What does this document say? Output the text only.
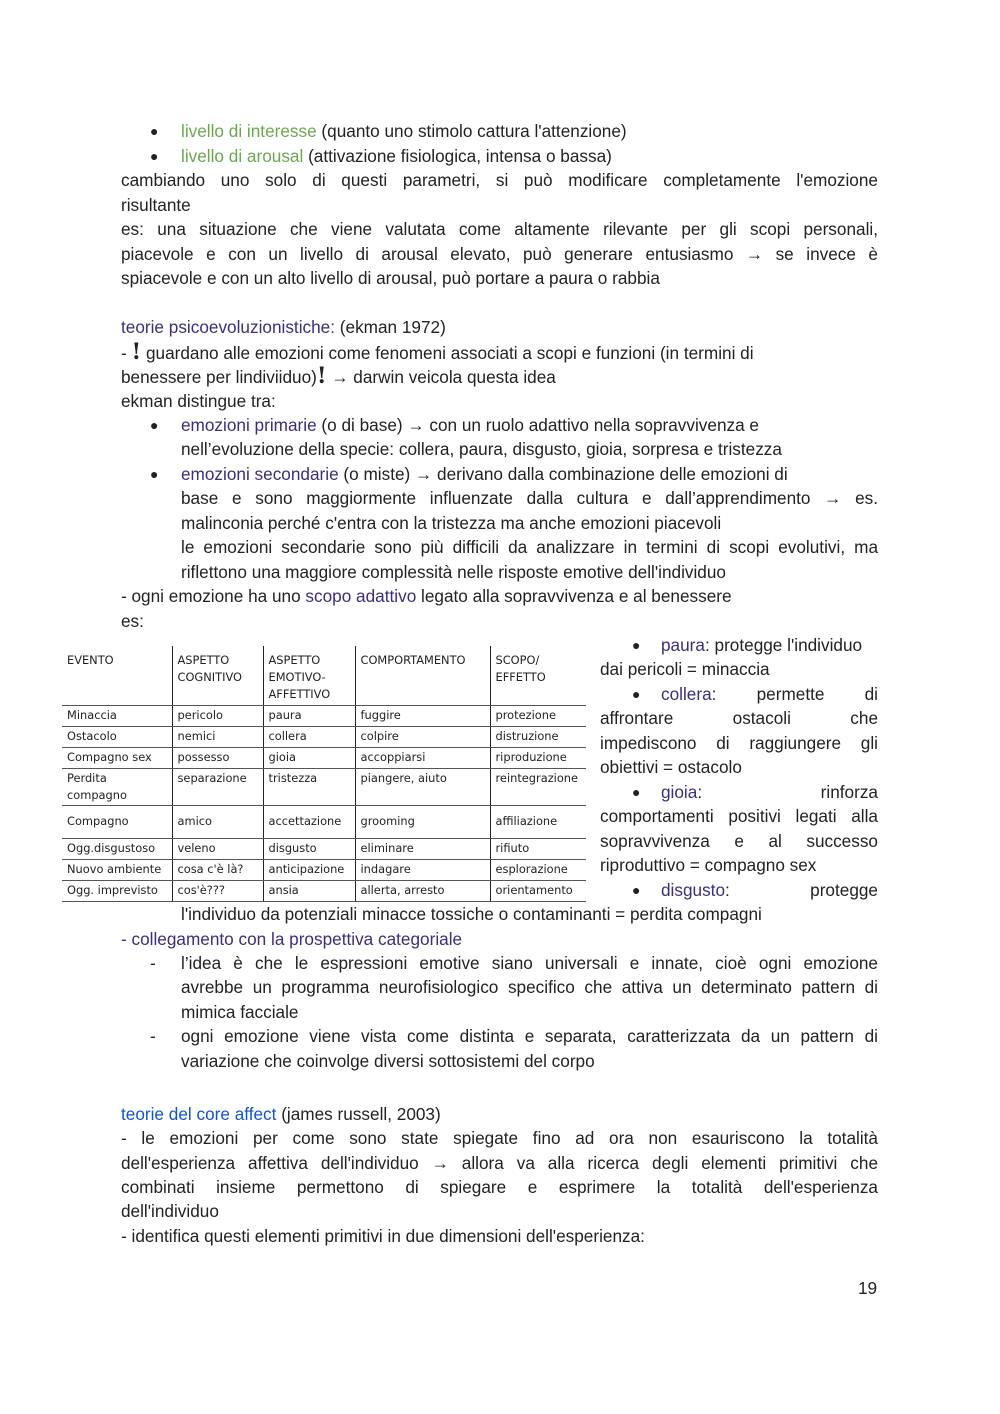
● livello di interesse (quanto uno stimolo cattura l'attenzione)
● livello di arousal (attivazione fisiologica, intensa o bassa)
cambiando uno solo di questi parametri, si può modificare completamente l'emozione
risultante
es: una situazione che viene valutata come altamente rilevante per gli scopi personali,
piacevole e con un livello di arousal elevato, può generare entusiasmo → se invece è
spiacevole e con un alto livello di arousal, può portare a paura o rabbia
teorie psicoevoluzionistiche: (ekman 1972)
- ! guardano alle emozioni come fenomeni associati a scopi e funzioni (in termini di
benessere per lindiviiduo)! → darwin veicola questa idea
ekman distingue tra:
● emozioni primarie (o di base) → con un ruolo adattivo nella sopravvivenza e
nell’evoluzione della specie: collera, paura, disgusto, gioia, sorpresa e tristezza
● emozioni secondarie (o miste) → derivano dalla combinazione delle emozioni di
base e sono maggiormente influenzate dalla cultura e dall’apprendimento → es.
malinconia perché c'entra con la tristezza ma anche emozioni piacevoli
le emozioni secondarie sono più difficili da analizzare in termini di scopi evolutivi, ma
riflettono una maggiore complessità nelle risposte emotive dell'individuo
- ogni emozione ha uno scopo adattivo legato alla sopravvivenza e al benessere
es:
EVENTO	ASPETTO COGNITIVO	ASPETTO EMOTIVO-AFFETTIVO	COMPORTAMENTO	SCOPO/ EFFETTO
Minaccia	pericolo	paura	fuggire	protezione
Ostacolo	nemici	collera	colpire	distruzione
Compagno sex	possesso	gioia	accoppiarsi	riproduzione
Perdita compagno	separazione	tristezza	piangere, aiuto	reintegrazione
Compagno	amico	accettazione	grooming	affiliazione
Ogg.disgustoso	veleno	disgusto	eliminare	rifiuto
Nuovo ambiente	cosa c'è là?	anticipazione	indagare	esplorazione
Ogg. imprevisto	cos'è???	ansia	allerta, arresto	orientamento
● paura: protegge l'individuo
dai pericoli = minaccia
● collera: permette di
affrontare ostacoli che
impediscono di raggiungere gli
obiettivi = ostacolo
● gioia: rinforza
comportamenti positivi legati alla
sopravvivenza e al successo
riproduttivo = compagno sex
● disgusto: protegge
l'individuo da potenziali minacce tossiche o contaminanti = perdita compagni
- collegamento con la prospettiva categoriale
- l’idea è che le espressioni emotive siano universali e innate, cioè ogni emozione
avrebbe un programma neurofisiologico specifico che attiva un determinato pattern di
mimica facciale
- ogni emozione viene vista come distinta e separata, caratterizzata da un pattern di
variazione che coinvolge diversi sottosistemi del corpo
teorie del core affect (james russell, 2003)
- le emozioni per come sono state spiegate fino ad ora non esauriscono la totalità
dell'esperienza affettiva dell'individuo → allora va alla ricerca degli elementi primitivi che
combinati insieme permettono di spiegare e esprimere la totalità dell'esperienza
dell'individuo
- identifica questi elementi primitivi in due dimensioni dell'esperienza:
19
